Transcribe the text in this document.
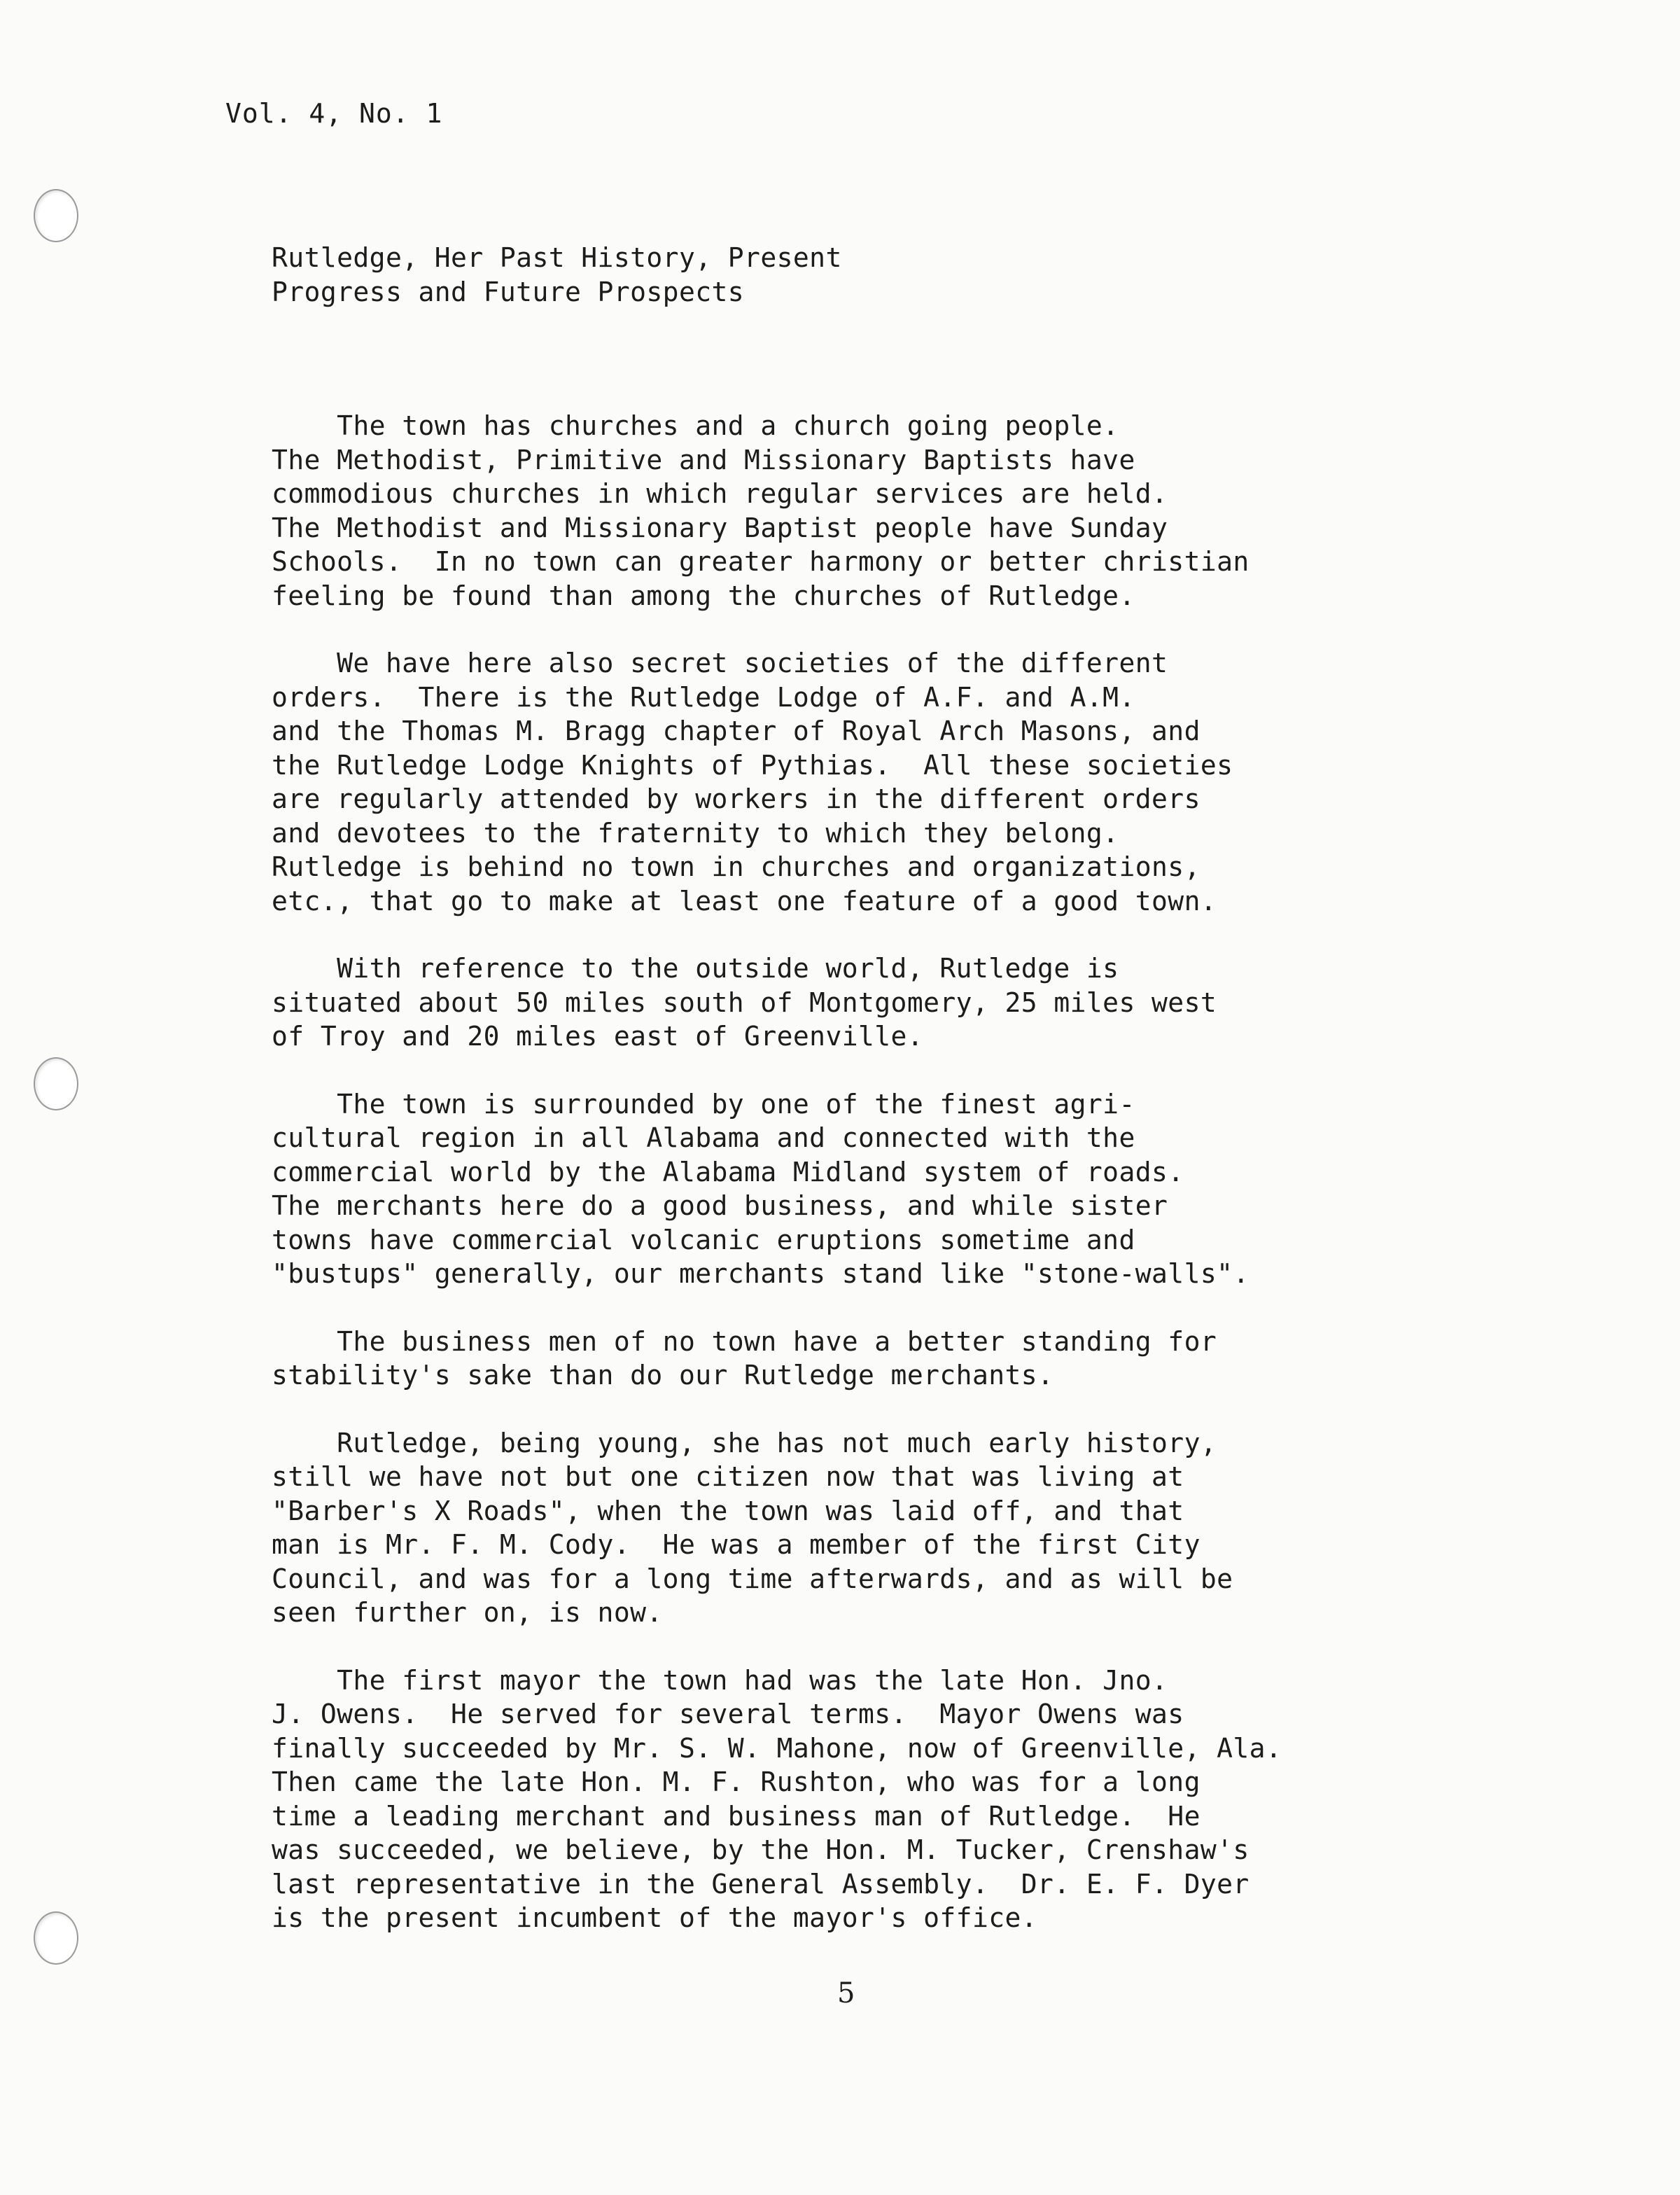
Vol. 4, No. 1
Rutledge, Her Past History, Present
Progress and Future Prospects
The town has churches and a church going people.
The Methodist, Primitive and Missionary Baptists have
commodious churches in which regular services are held.
The Methodist and Missionary Baptist people have Sunday
Schools.  In no town can greater harmony or better christian
feeling be found than among the churches of Rutledge.
We have here also secret societies of the different
orders.  There is the Rutledge Lodge of A.F. and A.M.
and the Thomas M. Bragg chapter of Royal Arch Masons, and
the Rutledge Lodge Knights of Pythias.  All these societies
are regularly attended by workers in the different orders
and devotees to the fraternity to which they belong.
Rutledge is behind no town in churches and organizations,
etc., that go to make at least one feature of a good town.
With reference to the outside world, Rutledge is
situated about 50 miles south of Montgomery, 25 miles west
of Troy and 20 miles east of Greenville.
The town is surrounded by one of the finest agri-
cultural region in all Alabama and connected with the
commercial world by the Alabama Midland system of roads.
The merchants here do a good business, and while sister
towns have commercial volcanic eruptions sometime and
"bustups" generally, our merchants stand like "stone-walls".
The business men of no town have a better standing for
stability's sake than do our Rutledge merchants.
Rutledge, being young, she has not much early history,
still we have not but one citizen now that was living at
"Barber's X Roads", when the town was laid off, and that
man is Mr. F. M. Cody.  He was a member of the first City
Council, and was for a long time afterwards, and as will be
seen further on, is now.
The first mayor the town had was the late Hon. Jno.
J. Owens.  He served for several terms.  Mayor Owens was
finally succeeded by Mr. S. W. Mahone, now of Greenville, Ala.
Then came the late Hon. M. F. Rushton, who was for a long
time a leading merchant and business man of Rutledge.  He
was succeeded, we believe, by the Hon. M. Tucker, Crenshaw's
last representative in the General Assembly.  Dr. E. F. Dyer
is the present incumbent of the mayor's office.
5
